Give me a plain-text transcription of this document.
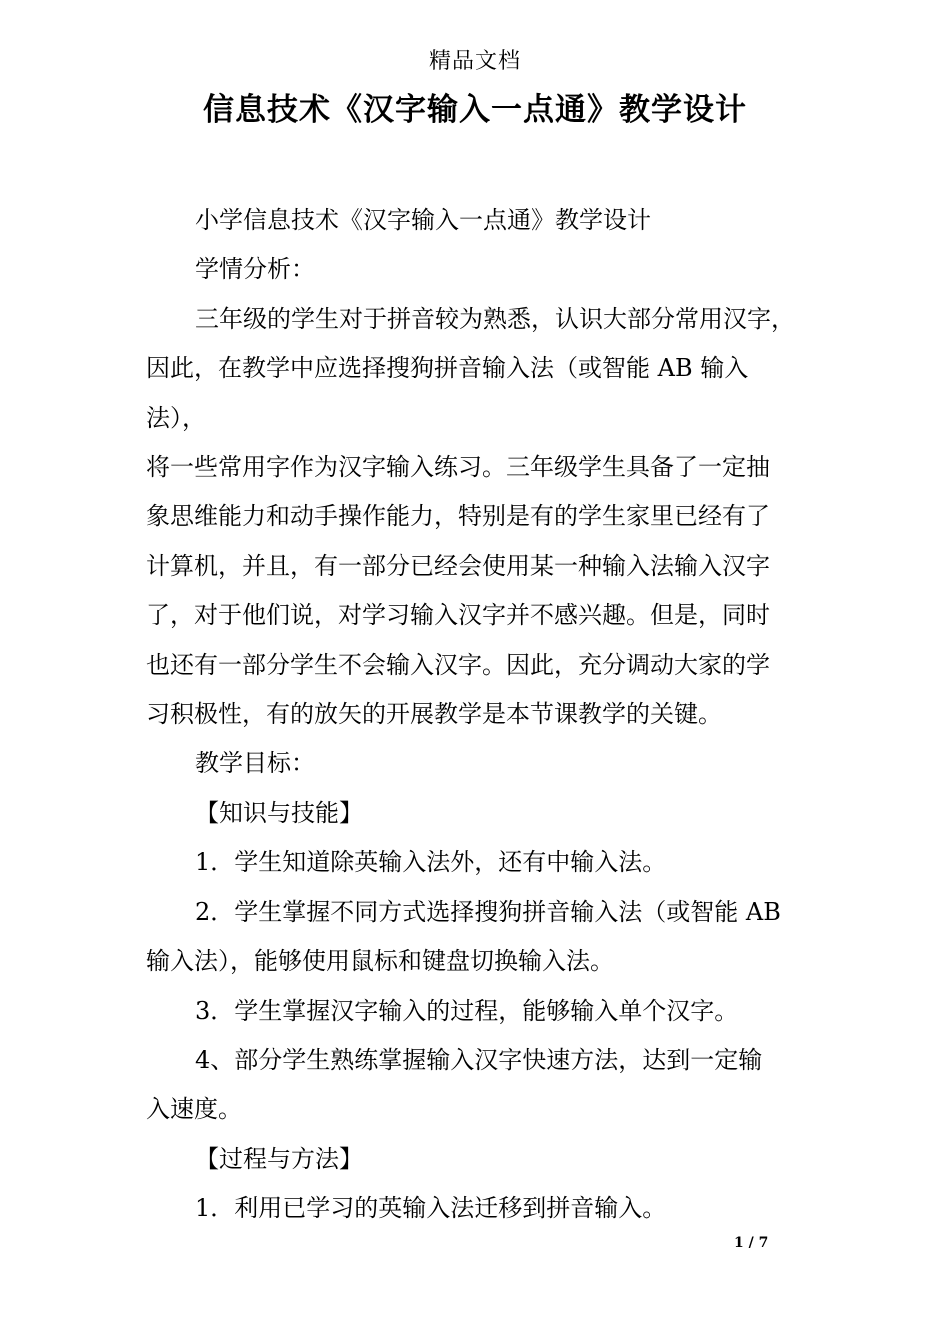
精品文档
信息技术《汉字输入一点通》教学设计

小学信息技术《汉字输入一点通》教学设计

学情分析：

三年级的学生对于拼音较为熟悉，认识大部分常用汉字，

因此，在教学中应选择搜狗拼音输入法（或智能 AB 输入法），

将一些常用字作为汉字输入练习。三年级学生具备了一定抽

象思维能力和动手操作能力，特别是有的学生家里已经有了

计算机，并且，有一部分已经会使用某一种输入法输入汉字

了，对于他们说，对学习输入汉字并不感兴趣。但是，同时

也还有一部分学生不会输入汉字。因此，充分调动大家的学

习积极性，有的放矢的开展教学是本节课教学的关键。

教学目标：

【知识与技能】

1．学生知道除英输入法外，还有中输入法。

2．学生掌握不同方式选择搜狗拼音输入法（或智能 AB

输入法），能够使用鼠标和键盘切换输入法。

3．学生掌握汉字输入的过程，能够输入单个汉字。

4、部分学生熟练掌握输入汉字快速方法，达到一定输

入速度。

【过程与方法】

1．利用已学习的英输入法迁移到拼音输入。

1 / 7
